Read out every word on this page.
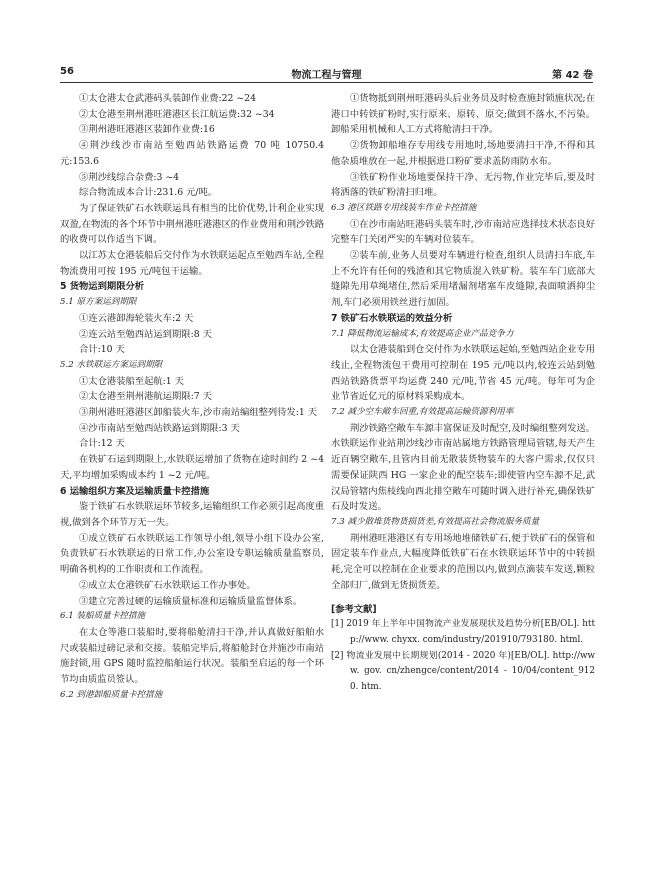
56	物流工程与管理	第 42 卷

①太仓港太仓武港码头装卸作业费:22 ~24

②太仓港至荆州港旺港港区长江航运费:32 ~34

③荆州港旺港港区装卸作业费:16

④荆沙线沙市南站至勉西站铁路运费 70 吨 10750.4 元:153.6

⑤荆沙线综合杂费:3 ~4

综合物流成本合计:231.6 元/吨。

为了保证铁矿石水铁联运具有相当的比价优势,计利企业实现双盈,在物流的各个环节中荆州港旺港港区的作业费用和荆沙铁路的收费可以作适当下调。

以江苏太仓港装船后交付作为水铁联运起点至勉西车站,全程物流费用可按 195 元/吨包干运输。

5 货物运到期限分析

5.1 原方案运到期限

①连云港卸海轮装火车:2 天

②连云站至勉西站运到期限:8 天

合计:10 天

5.2 水铁联运方案运到期限

①太仓港装船至起航:1 天

②太仓港至荆州港航运期限:7 天

③荆州港旺港港区卸船装火车,沙市南站编组整列待发:1 天

④沙市南站至勉西站铁路运到期限:3 天

合计:12 天

在铁矿石运到期限上,水铁联运增加了货物在途时间约 2 ~4 天,平均增加采购成本约 1 ~2 元/吨。

6 运输组织方案及运输质量卡控措施

鉴于铁矿石水铁联运环节较多,运输组织工作必须引起高度重视,做到各个环节万无一失。

①成立铁矿石水铁联运工作领导小组,领导小组下设办公室,负责铁矿石水铁联运的日常工作,办公室设专职运输质量监察员,明确各机构的工作职责和工作流程。

②成立太仓港铁矿石水铁联运工作办事处。

③建立完善过硬的运输质量标准和运输质量监督体系。

6.1 装船质量卡控措施

在太仓等港口装船时,要将船舱清扫干净,并认真做好船舶水尺或装船过磅记录和交接。装船完毕后,将船舱封仓并施沙市南站施封锁,用 GPS 随时监控船舶运行状况。装船至启运的每一个环节均由质监员签认。

6.2 到港卸船质量卡控措施

①货物抵到荆州旺港码头后业务员及时检查施封锁施状况;在港口中转铁矿粉时,实行原来、原转、原交;做到不落水,不污染。卸船采用机械和人工方式将舱清扫干净。

②货物卸船堆存专用线专用地时,场地要清扫干净,不得和其他杂质堆放在一起,并根据进口粉矿要求盖防雨防水布。

③铁矿粉作业场地要保持干净、无污物,作业完毕后,要及时将洒落的铁矿粉清扫归堆。

6.3 港区铁路专用线装车作业卡控措施

①在沙市南站旺港码头装车时,沙市南站应选择技术状态良好完整车门关闭严实的车辆对位装车。

②装车前,业务人员要对车辆进行检查,组织人员清扫车底,车上不允许有任何的残渣和其它物质混入铁矿粉。装车车门底部大缝隙先用草绳堵住,然后采用堵漏剂堵塞车皮缝隙,表面喷洒抑尘剂,车门必须用铁丝进行加固。

7 铁矿石水铁联运的效益分析

7.1 降低物流运输成本,有效提高企业产品竞争力

以太仓港装船到仓交付作为水铁联运起始,至勉西站企业专用线止,全程物流包干费用可控制在 195 元/吨以内,较连云站到勉西站铁路货票平均运费 240 元/吨,节省 45 元/吨。每年可为企业节省近亿元的原材料采购成本。

7.2 减少空车敞车回重,有效提高运输资源利用率

荆沙铁路空敞车车源丰富保证及时配空,及时编组整列发送。水铁联运作业站荆沙线沙市南站属地方铁路管理局管辖,每天产生近百辆空敞车,且管内目前无散装货物装车的大客户需求,仅仅只需要保证陕西 HG 一家企业的配空装车;即使管内空车源不足,武汉局管辖内焦枝线向西北排空敞车可随时调入进行补充,确保铁矿石及时发送。

7.3 减少散堆货物货损货差,有效提高社会物流服务质量

荆州港旺港港区有专用场地堆储铁矿石,便于铁矿石的保管和固定装车作业点,大幅度降低铁矿石在水铁联运环节中的中转损耗,完全可以控制在企业要求的范围以内,做到点滴装车发送,颗粒全部归厂,做到无货损货差。

[参考文献]

[1] 2019 年上半年中国物流产业发展现状及趋势分析[EB/OL]. http://www. chyxx. com/industry/201910/793180. html.

[2] 物流业发展中长期规划(2014 - 2020 年)[EB/OL]. http://www. gov. cn/zhengce/content/2014 - 10/04/content_9120. htm.
